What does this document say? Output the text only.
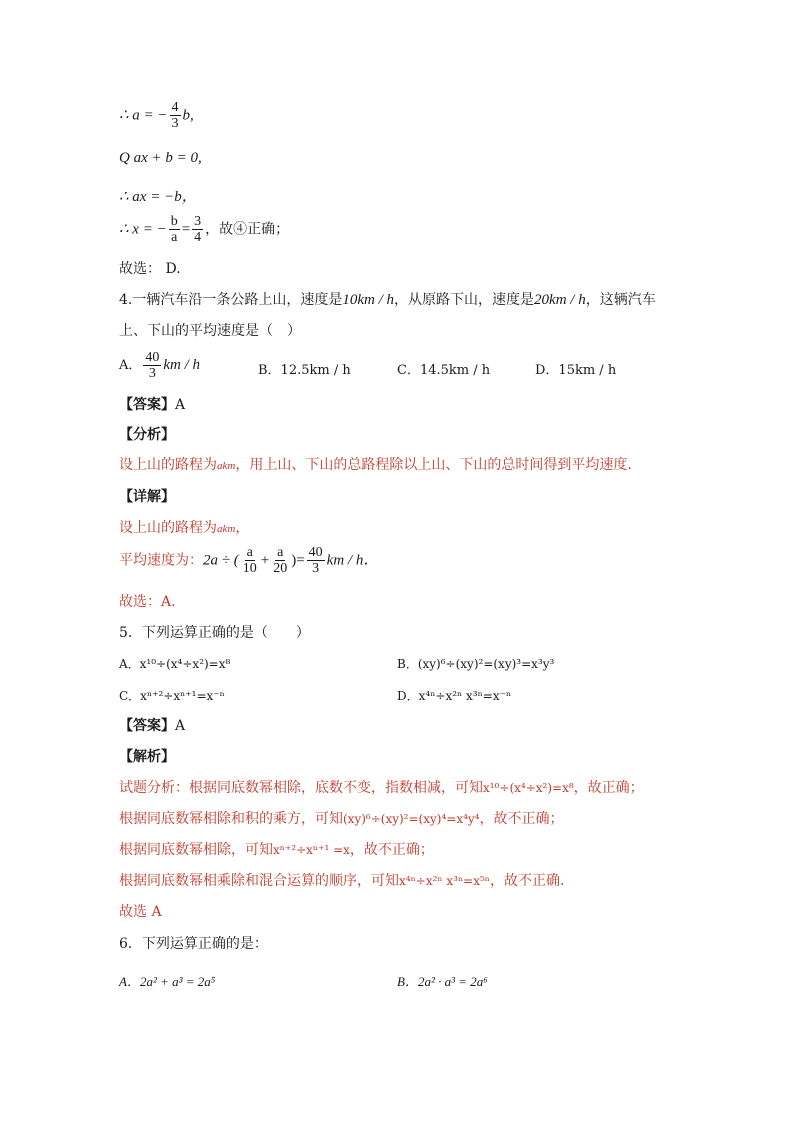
∴ a = − $\frac{4}{3} b$,
Q ax + b = 0,
∴ ax = −b，
∴ x = − $\frac{b}{a} = \frac{3}{4}$ ，故④正确；
故选： D.
4.一辆汽车沿一条公路上山，速度是10km / h，从原路下山，速度是20km / h，这辆汽车
上、下山的平均速度是（　）
A． $\frac{40}{3}$ km / h	B．12.5km / h	C．14.5km / h	D．15km / h
【答案】A
【分析】
设上山的路程为akm，用上山、下山的总路程除以上山、下山的总时间得到平均速度.
【详解】
设上山的路程为akm，
平均速度为：2a ÷ ( $\frac{a}{10} + \frac{a}{20}$ )= $\frac{40}{3}$ km / h．
故选：A.
5．下列运算正确的是（　　）
A．x¹⁰÷(x⁴÷x²)=x⁸	B．(xy)⁶÷(xy)²=(xy)³=x³y³
C．xⁿ⁺²÷xⁿ⁺¹=x⁻ⁿ	D．x⁴ⁿ÷x²ⁿ x³ⁿ=x⁻ⁿ
【答案】A
【解析】
试题分析：根据同底数幂相除，底数不变，指数相减，可知x¹⁰÷(x⁴÷x²)=x⁸，故正确；
根据同底数幂相除和积的乘方，可知(xy)⁶÷(xy)²=(xy)⁴=x⁴y⁴，故不正确；
根据同底数幂相除，可知xⁿ⁺²÷xⁿ⁺¹ =x，故不正确；
根据同底数幂相乘除和混合运算的顺序，可知x⁴ⁿ÷x²ⁿ x³ⁿ=x⁵ⁿ，故不正确.
故选 A
6．下列运算正确的是：
A．2a² + a³ = 2a⁵	B．2a² · a³ = 2a⁶
